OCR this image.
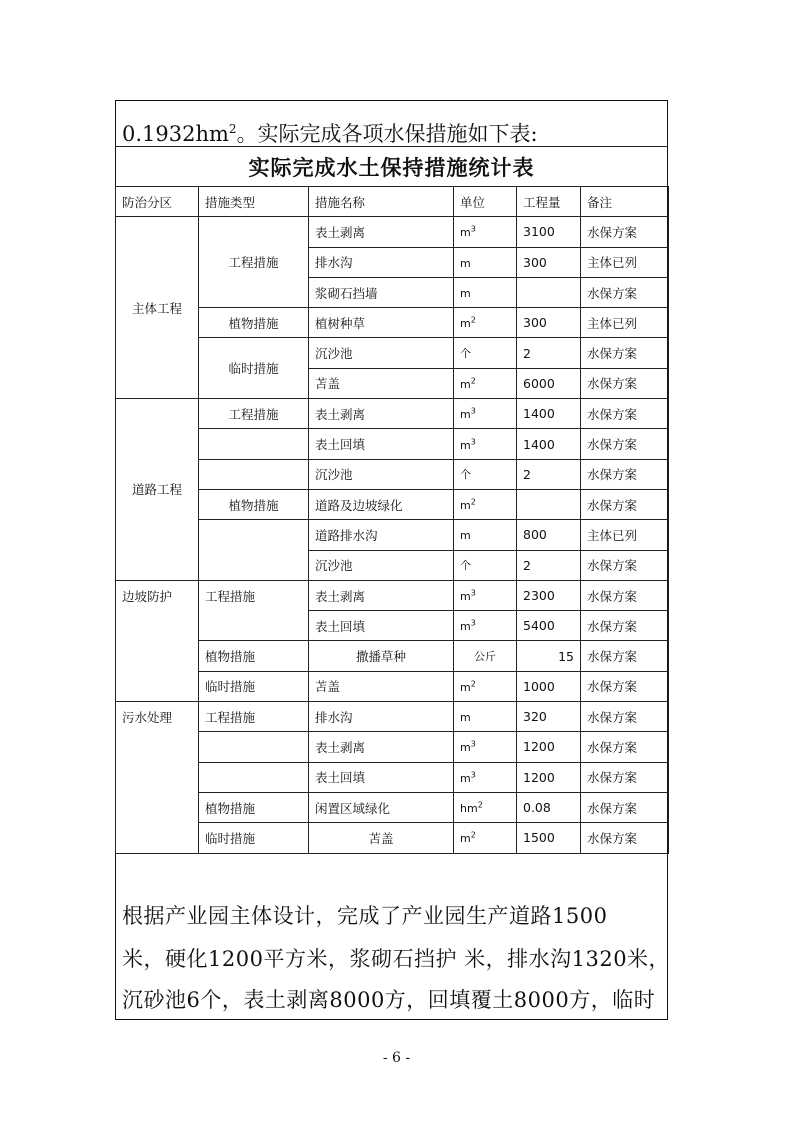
$0.1932hm^2$。实际完成各项水保措施如下表:
实际完成水土保持措施统计表
防治分区	措施类型	措施名称	单位	工程量	备注
主体工程	工程措施	表土剥离	$m^3$	3100	水保方案
		排水沟	m	300	主体已列
		浆砌石挡墙	m		水保方案
	植物措施	植树种草	$m^2$	300	主体已列
	临时措施	沉沙池	个	2	水保方案
		苫盖	$m^2$	6000	水保方案
道路工程	工程措施	表土剥离	$m^3$	1400	水保方案
		表土回填	$m^3$	1400	水保方案
		沉沙池	个	2	水保方案
	植物措施	道路及边坡绿化	$m^2$		水保方案
		道路排水沟	m	800	主体已列
		沉沙池	个	2	水保方案
边坡防护	工程措施	表土剥离	$m^3$	2300	水保方案
		表土回填	$m^3$	5400	水保方案
	植物措施	撒播草种	公斤	15	水保方案
	临时措施	苫盖	$m^2$	1000	水保方案
污水处理	工程措施	排水沟	m	320	水保方案
		表土剥离	$m^3$	1200	水保方案
		表土回填	$m^3$	1200	水保方案
	植物措施	闲置区域绿化	$hm^2$	0.08	水保方案
	临时措施	苫盖	$m^2$	1500	水保方案
根据产业园主体设计，完成了产业园生产道路1500
米，硬化1200平方米，浆砌石挡护 米，排水沟1320米，
沉砂池6个，表土剥离8000方，回填覆土8000方，临时
- 6 -
